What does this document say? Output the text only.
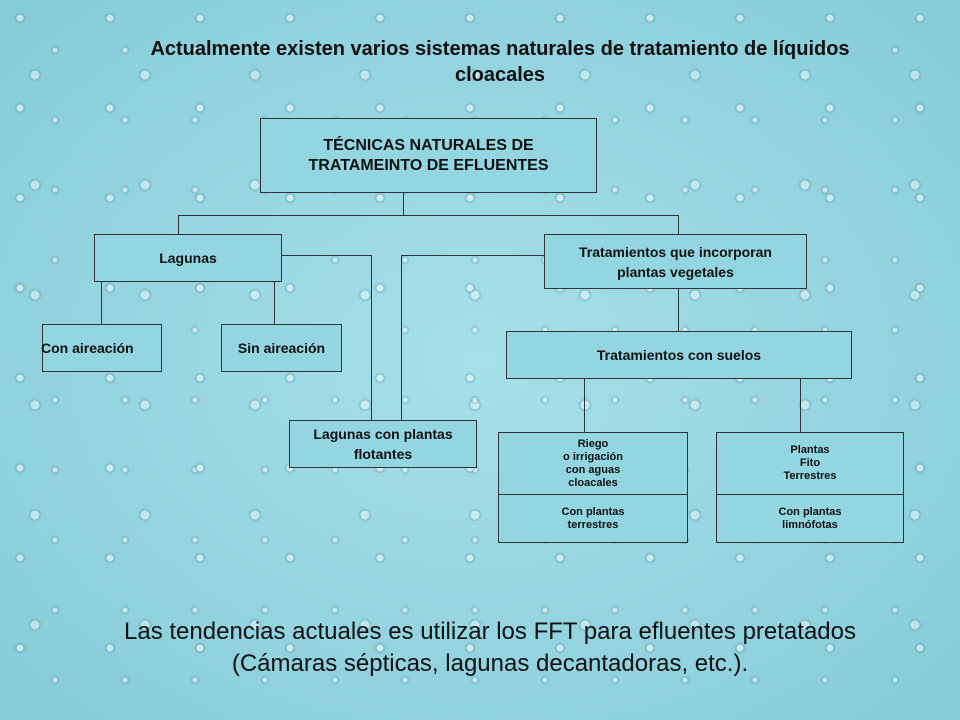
Actualmente existen varios sistemas naturales de tratamiento de líquidos cloacales
TÉCNICAS NATURALES DE
TRATAMEINTO DE EFLUENTES
Lagunas
Con aireación	Sin aireación
Lagunas con plantas
flotantes
Tratamientos que incorporan
plantas vegetales
Tratamientos con suelos
Riego
o irrigación
con aguas
cloacales
Con plantas
terrestres
Plantas
Fito
Terrestres
Con plantas
limnófotas
Las tendencias actuales es utilizar los FFT para efluentes pretatados (Cámaras sépticas, lagunas decantadoras, etc.).
